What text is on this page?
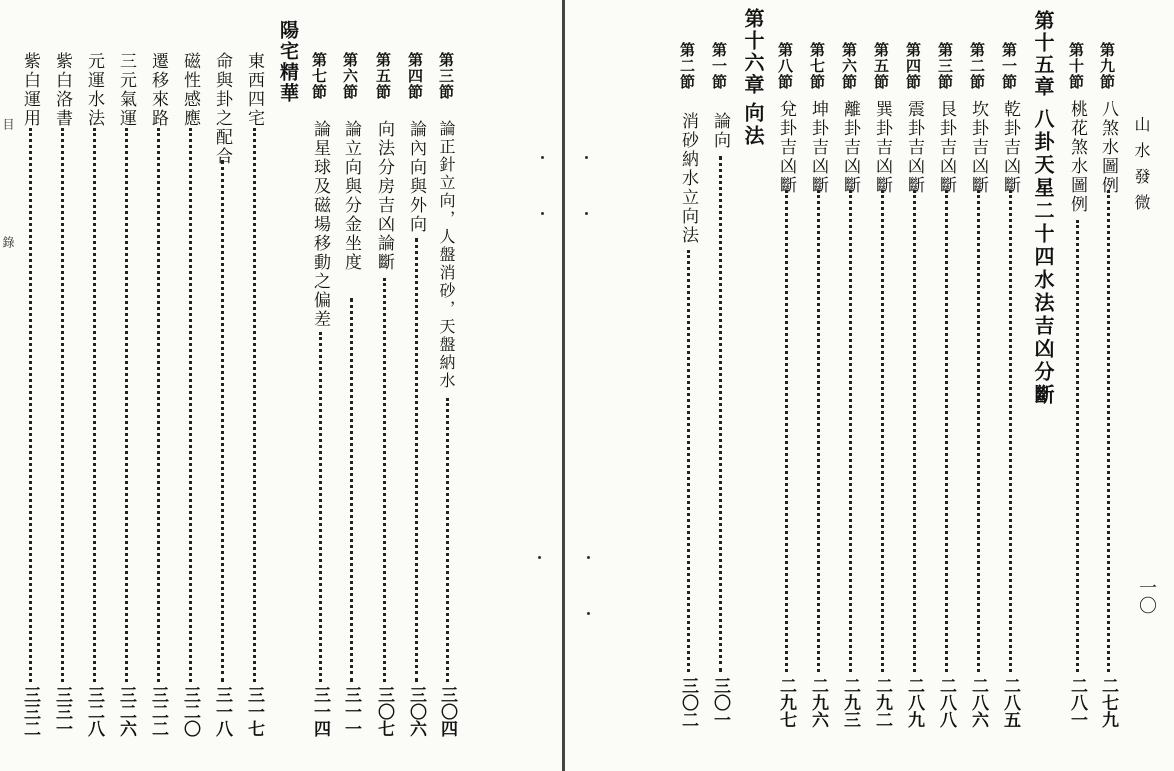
第三節
論正針立向，人盤消砂，天盤納水
三〇四
第四節
論內向與外向
三〇六
第五節
向法分房吉凶論斷
三〇七
第六節
論立向與分金坐度
三一一
第七節
論星球及磁場移動之偏差
三一四
陽宅精華
東西四宅
三一七
命與卦之配合
三一八
磁性感應
三二〇
遷移來路
三二二
三元氣運
三二六
元運水法
三二八
紫白洛書
三三一
紫白運用
三三二
目 錄	山水發微
一〇
第九節
八煞水圖例
二七九
第十節
桃花煞水圖例
二八一
第十五章
八卦天星二十四水法吉凶分斷
第一節
乾卦吉凶斷
二八五
第二節
坎卦吉凶斷
二八六
第三節
艮卦吉凶斷
二八八
第四節
震卦吉凶斷
二八九
第五節
巽卦吉凶斷
二九二
第六節
離卦吉凶斷
二九三
第七節
坤卦吉凶斷
二九六
第八節
兌卦吉凶斷
二九七
第十六章
向法
第一節
論向
三〇一
第二節
消砂納水立向法
三〇二
